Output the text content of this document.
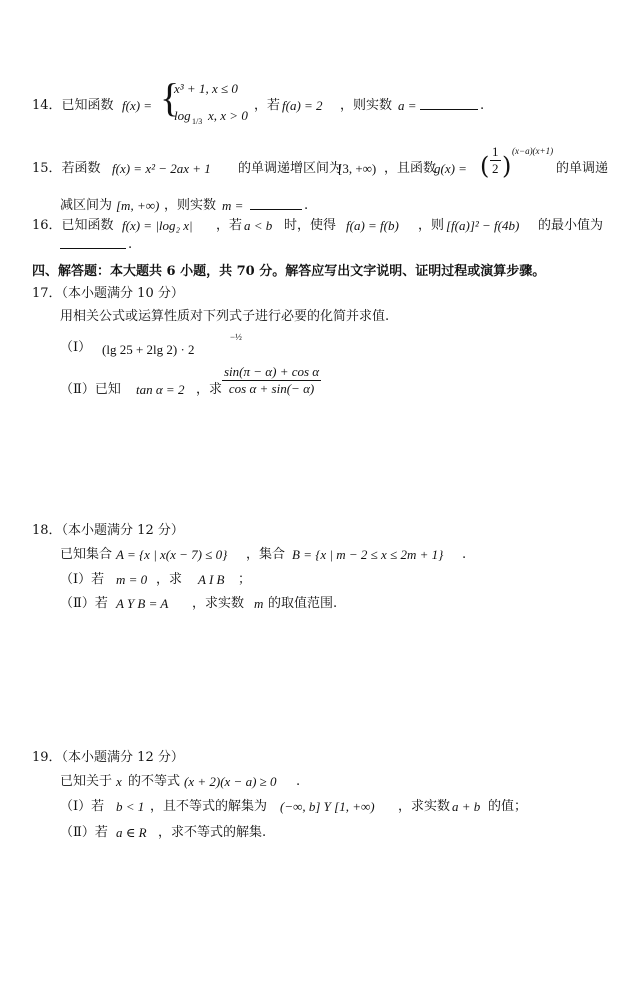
14．已知函数 f(x) = {
x³ + 1, x ≤ 0
log 1/3 x, x > 0
，若 f(a) = 2 ，则实数 a =	.
15．若函数 f(x) = x² − 2ax + 1 的单调递增区间为
[3, +∞) ，且函数
g(x) = ( $\frac{1}{2}$ )
(x−a)(x+1)
的单调递
减区间为 [m, +∞) ，则实数 m =	.
16．已知函数 f(x) = |log₂ x| ，若 a < b 时，使得 f(a) = f(b) ，则 [f(a)]² − f(4b) 的最小值为
.
四、解答题：本大题共 6 小题，共 70 分。解答应写出文字说明、证明过程或演算步骤。
17．（本小题满分 10 分）
用相关公式或运算性质对下列式子进行必要的化简并求值.
（Ⅰ） (lg 25 + 2lg 2) · 2
−½
（Ⅱ）已知 tan α = 2 ，求 $\frac{\text{sin(π − α) + cos α}}{\text{cos α + sin(− α)}}$
18．（本小题满分 12 分）
已知集合 A = {x | x(x − 7) ≤ 0} ，集合 B = {x | m − 2 ≤ x ≤ 2m + 1} .
（Ⅰ）若 m = 0 ，求 A I B ；
（Ⅱ）若 A Y B = A ，求实数 m 的取值范围.
19．（本小题满分 12 分）
已知关于 x 的不等式 (x + 2)(x − a) ≥ 0 .
（Ⅰ）若 b < 1 ，且不等式的解集为 (−∞, b] Y [1, +∞) ，求实数 a + b 的值；
（Ⅱ）若 a ∈ R ，求不等式的解集.
